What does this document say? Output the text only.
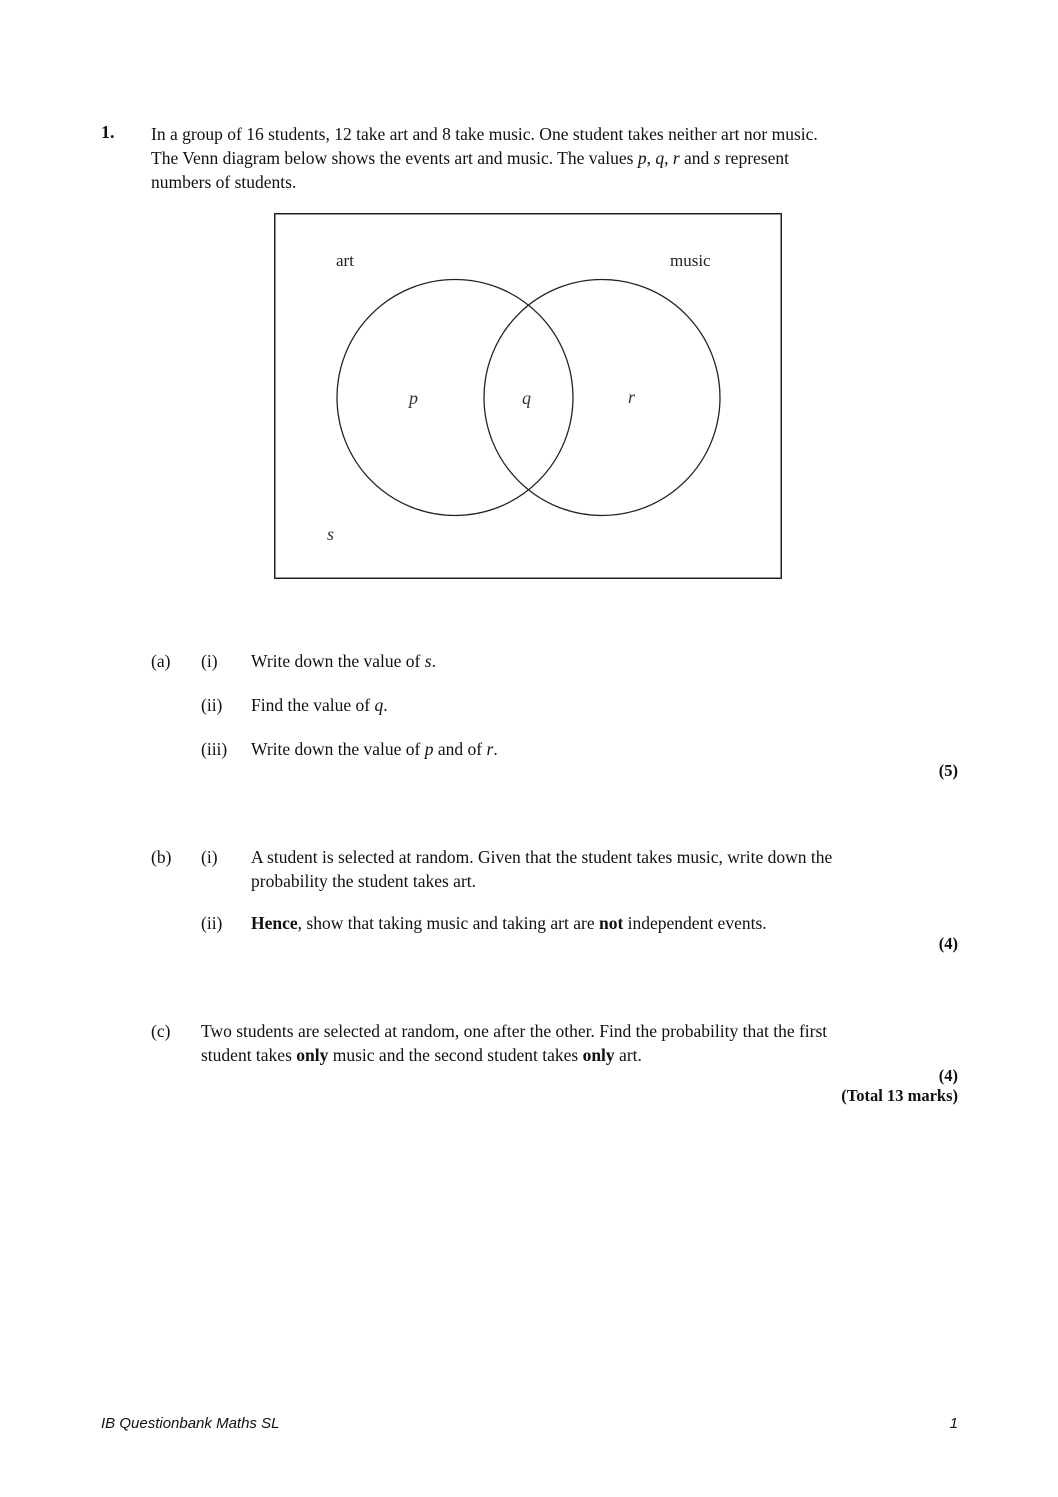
1. In a group of 16 students, 12 take art and 8 take music. One student takes neither art nor music.

The Venn diagram below shows the events art and music. The values p, q, r and s represent

numbers of students.

art	music
p	q	r
s
(a) (i) Write down the value of s.
(ii) Find the value of q.
(iii) Write down the value of p and of r.
(5)
(b) (i) A student is selected at random. Given that the student takes music, write down the
probability the student takes art.
(ii) Hence, show that taking music and taking art are not independent events.
(4)
(c) Two students are selected at random, one after the other. Find the probability that the first
student takes only music and the second student takes only art.
(4)
(Total 13 marks)
IB Questionbank Maths SL	1
